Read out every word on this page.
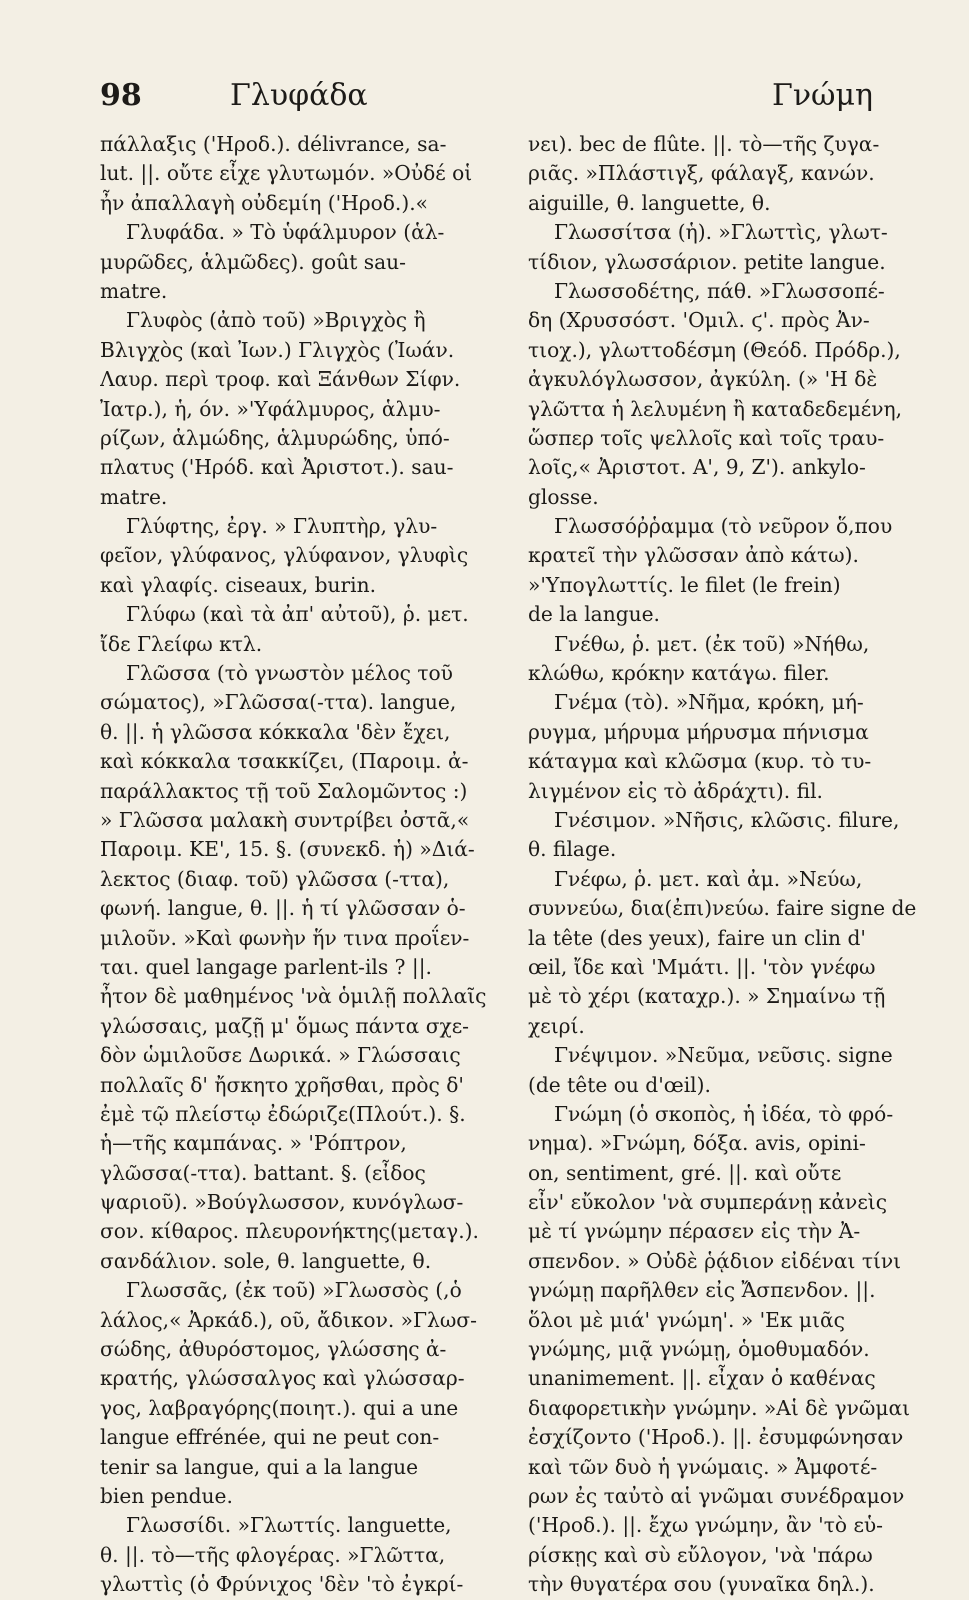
98	Γλυφάδα	Γνώμη
πάλλαξις ('Ηροδ.). délivrance, sa-
lut. ||. οὔτε εἶχε γλυτωμόν. »Οὐδέ οἱ
ἦν ἀπαλλαγὴ οὐδεμίη ('Ηροδ.).«
Γλυφάδα. » Τὸ ὑφάλμυρον (ἁλ-
μυρῶδες, ἁλμῶδες). goût sau-
matre.
Γλυφὸς (ἀπὸ τοῦ) »Βριγχὸς ἢ
Βλιγχὸς (καὶ Ἰων.) Γλιγχὸς (Ἰωάν.
Λαυρ. περὶ τροφ. καὶ Ξάνθων Σίφν.
Ἰατρ.), ἡ, όν. »'Υφάλμυρος, ἁλμυ-
ρίζων, ἁλμώδης, ἁλμυρώδης, ὑπό-
πλατυς ('Ηρόδ. καὶ Ἀριστοτ.). sau-
matre.
Γλύφτης, ἐργ. » Γλυπτὴρ, γλυ-
φεῖον, γλύφανος, γλύφανον, γλυφὶς
καὶ γλαφίς. ciseaux, burin.
Γλύφω (καὶ τὰ ἀπ' αὐτοῦ), ῥ. μετ.
ἴδε Γλείφω κτλ.
Γλῶσσα (τὸ γνωστὸν μέλος τοῦ
σώματος), »Γλῶσσα(-ττα). langue,
θ. ||. ἡ γλῶσσα κόκκαλα 'δὲν ἔχει,
καὶ κόκκαλα τσακκίζει, (Παροιμ. ἀ-
παράλλακτος τῇ τοῦ Σαλομῶντος :)
» Γλῶσσα μαλακὴ συντρίβει ὀστᾶ,«
Παροιμ. ΚΕ', 15. §. (συνεκδ. ἡ) »Διά-
λεκτος (διαφ. τοῦ) γλῶσσα (-ττα),
φωνή. langue, θ. ||. ἡ τί γλῶσσαν ὁ-
μιλοῦν. »Καὶ φωνὴν ἥν τινα προΐεν-
ται. quel langage parlent-ils ? ||.
ἦτον δὲ μαθημένος 'νὰ ὁμιλῇ πολλαῖς
γλώσσαις, μαζῇ μ' ὅμως πάντα σχε-
δὸν ὡμιλοῦσε Δωρικά. » Γλώσσαις
πολλαῖς δ' ἤσκητο χρῆσθαι, πρὸς δ'
ἐμὲ τῷ πλείστῳ ἐδώριζε(Πλούτ.). §.
ἡ—τῆς καμπάνας. » 'Ρόπτρον,
γλῶσσα(-ττα). battant. §. (εἶδος
ψαριοῦ). »Βούγλωσσον, κυνόγλωσ-
σον. κίθαρος. πλευρονήκτης(μεταγ.).
σανδάλιον. sole, θ. languette, θ.
Γλωσσᾶς, (ἐκ τοῦ) »Γλωσσὸς (,ὁ
λάλος,« Ἀρκάδ.), οῦ, ἄδικον. »Γλωσ-
σώδης, ἀθυρόστομος, γλώσσης ἀ-
κρατής, γλώσσαλγος καὶ γλώσσαρ-
γος, λαβραγόρης(ποιητ.). qui a une
langue effrénée, qui ne peut con-
tenir sa langue, qui a la langue
bien pendue.
Γλωσσίδι. »Γλωττίς. languette,
θ. ||. τὸ—τῆς φλογέρας. »Γλῶττα,
γλωττὶς (ὁ Φρύνιχος 'δὲν 'τὸ ἐγκρί-
νει). bec de flûte. ||. τὸ—τῆς ζυγα-
ριᾶς. »Πλάστιγξ, φάλαγξ, κανών.
aiguille, θ. languette, θ.
Γλωσσίτσα (ἡ). »Γλωττὶς, γλωτ-
τίδιον, γλωσσάριον. petite langue.
Γλωσσοδέτης, πάθ. »Γλωσσοπέ-
δη (Χρυσσόστ. 'Ομιλ. ϛ'. πρὸς Ἀν-
τιοχ.), γλωττοδέσμη (Θεόδ. Πρόδρ.),
ἀγκυλόγλωσσον, ἀγκύλη. (» 'Η δὲ
γλῶττα ἡ λελυμένη ἢ καταδεδεμένη,
ὥσπερ τοῖς ψελλοῖς καὶ τοῖς τραυ-
λοῖς,« Ἀριστοτ. Α', 9, Ζ'). ankylo-
glosse.
Γλωσσόῤῥαμμα (τὸ νεῦρον ὅ,που
κρατεῖ τὴν γλῶσσαν ἀπὸ κάτω).
»'Υπογλωττίς. le filet (le frein)
de la langue.
Γνέθω, ῥ. μετ. (ἐκ τοῦ) »Νήθω,
κλώθω, κρόκην κατάγω. filer.
Γνέμα (τὸ). »Νῆμα, κρόκη, μή-
ρυγμα, μήρυμα μήρυσμα πήνισμα
κάταγμα καὶ κλῶσμα (κυρ. τὸ τυ-
λιγμένον εἰς τὸ ἀδράχτι). fil.
Γνέσιμον. »Νῆσις, κλῶσις. filure,
θ. filage.
Γνέφω, ῥ. μετ. καὶ ἀμ. »Νεύω,
συννεύω, δια(ἐπι)νεύω. faire signe de
la tête (des yeux), faire un clin d'
œil, ἴδε καὶ 'Μμάτι. ||. 'τὸν γνέφω
μὲ τὸ χέρι (καταχρ.). » Σημαίνω τῇ
χειρί.
Γνέψιμον. »Νεῦμα, νεῦσις. signe
(de tête ou d'œil).
Γνώμη (ὁ σκοπὸς, ἡ ἰδέα, τὸ φρό-
νημα). »Γνώμη, δόξα. avis, opini-
on, sentiment, gré. ||. καὶ οὔτε
εἶν' εὔκολον 'νὰ συμπεράνῃ κἀνεὶς
μὲ τί γνώμην πέρασεν εἰς τὴν Ἀ-
σπενδον. » Οὐδὲ ῥᾴδιον εἰδέναι τίνι
γνώμῃ παρῆλθεν εἰς Ἄσπενδον. ||.
ὅλοι μὲ μιά' γνώμη'. » 'Εκ μιᾶς
γνώμης, μιᾷ γνώμῃ, ὁμοθυμαδόν.
unanimement. ||. εἶχαν ὁ καθένας
διαφορετικὴν γνώμην. »Αἱ δὲ γνῶμαι
ἐσχίζοντο ('Ηροδ.). ||. ἐσυμφώνησαν
καὶ τῶν δυὸ ἡ γνώμαις. » Ἀμφοτέ-
ρων ἐς ταὐτὸ αἱ γνῶμαι συνέδραμον
('Ηροδ.). ||. ἔχω γνώμην, ἂν 'τὸ εὑ-
ρίσκῃς καὶ σὺ εὔλογον, 'νὰ 'πάρω
τὴν θυγατέρα σου (γυναῖκα δηλ.).
